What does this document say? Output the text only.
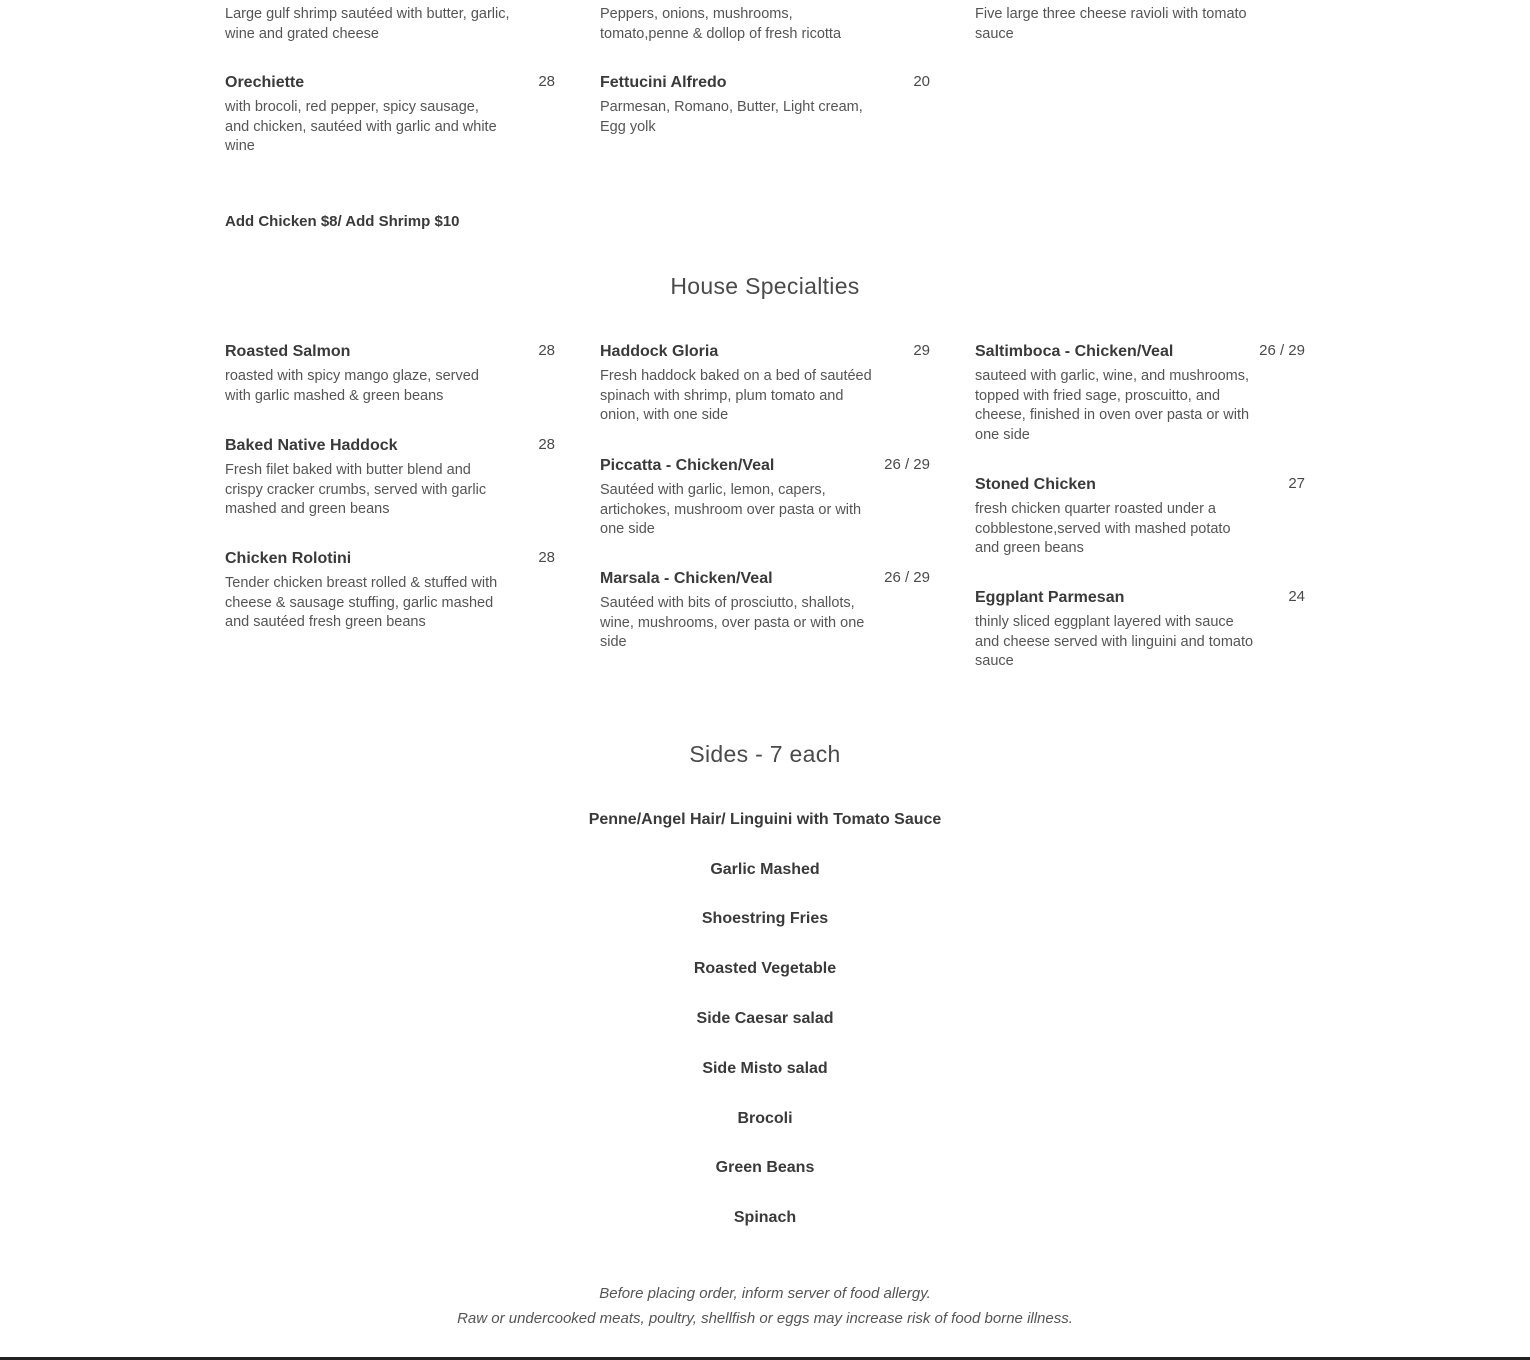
Large gulf shrimp sautéed with butter, garlic, wine and grated cheese
Peppers, onions, mushrooms, tomato,penne & dollop of fresh ricotta
Five large three cheese ravioli with tomato sauce
Orechiette	28
with brocoli, red pepper, spicy sausage, and chicken, sautéed with garlic and white wine
Fettucini Alfredo	20
Parmesan, Romano, Butter, Light cream, Egg yolk
Add Chicken $8/ Add Shrimp $10
House Specialties
Roasted Salmon	28
roasted with spicy mango glaze, served with garlic mashed & green beans
Baked Native Haddock	28
Fresh filet baked with butter blend and crispy cracker crumbs, served with garlic mashed and green beans
Chicken Rolotini	28
Tender chicken breast rolled & stuffed with cheese & sausage stuffing, garlic mashed and sautéed fresh green beans
Haddock Gloria	29
Fresh haddock baked on a bed of sautéed spinach with shrimp, plum tomato and onion, with one side
Piccatta - Chicken/Veal	26 / 29
Sautéed with garlic, lemon, capers, artichokes, mushroom over pasta or with one side
Marsala - Chicken/Veal	26 / 29
Sautéed with bits of prosciutto, shallots, wine, mushrooms, over pasta or with one side
Saltimboca - Chicken/Veal	26 / 29
sauteed with garlic, wine, and mushrooms, topped with fried sage, proscuitto, and cheese, finished in oven over pasta or with one side
Stoned Chicken	27
fresh chicken quarter roasted under a cobblestone,served with mashed potato and green beans
Eggplant Parmesan	24
thinly sliced eggplant layered with sauce and cheese served with linguini and tomato sauce
Sides - 7 each
Penne/Angel Hair/ Linguini with Tomato Sauce
Garlic Mashed
Shoestring Fries
Roasted Vegetable
Side Caesar salad
Side Misto salad
Brocoli
Green Beans
Spinach
Before placing order, inform server of food allergy.
Raw or undercooked meats, poultry, shellfish or eggs may increase risk of food borne illness.
